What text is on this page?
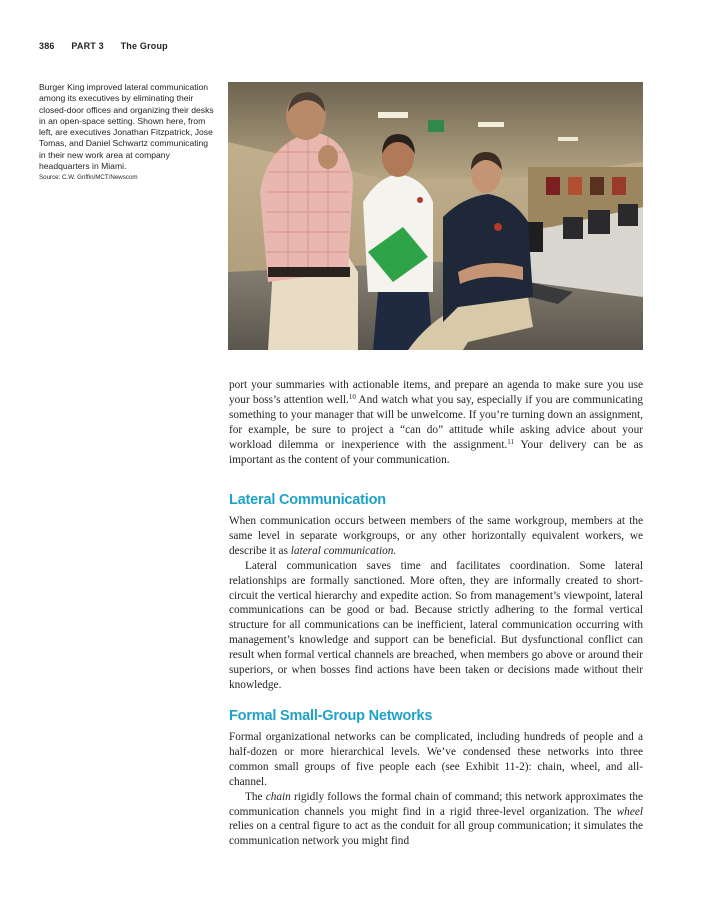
386 PART 3 The Group

Burger King improved lateral communication among its executives by eliminating their closed-door offices and organizing their desks in an open-space setting. Shown here, from left, are executives Jonathan Fitzpatrick, Jose Tomas, and Daniel Schwartz communicating in their new work area at company headquarters in Miami.

Source: C.W. Griffin/MCT/Newscom

port your summaries with actionable items, and prepare an agenda to make sure you use your boss’s attention well.$^{10}$ And watch what you say, especially if you are communicating something to your manager that will be unwelcome. If you’re turning down an assignment, for example, be sure to project a “can do” attitude while asking advice about your workload dilemma or inexperience with the assignment.$^{11}$ Your delivery can be as important as the content of your communication.

Lateral Communication

When communication occurs between members of the same workgroup, members at the same level in separate workgroups, or any other horizontally equivalent workers, we describe it as lateral communication.

Lateral communication saves time and facilitates coordination. Some lateral relationships are formally sanctioned. More often, they are informally created to short-circuit the vertical hierarchy and expedite action. So from management’s viewpoint, lateral communications can be good or bad. Because strictly adhering to the formal vertical structure for all communications can be inefficient, lateral communication occurring with management’s knowledge and support can be beneficial. But dysfunctional conflict can result when formal vertical channels are breached, when members go above or around their superiors, or when bosses find actions have been taken or decisions made without their knowledge.

Formal Small-Group Networks

Formal organizational networks can be complicated, including hundreds of people and a half-dozen or more hierarchical levels. We’ve condensed these networks into three common small groups of five people each (see Exhibit 11-2): chain, wheel, and all-channel.

The chain rigidly follows the formal chain of command; this network approximates the communication channels you might find in a rigid three-level organization. The wheel relies on a central figure to act as the conduit for all group communication; it simulates the communication network you might find
